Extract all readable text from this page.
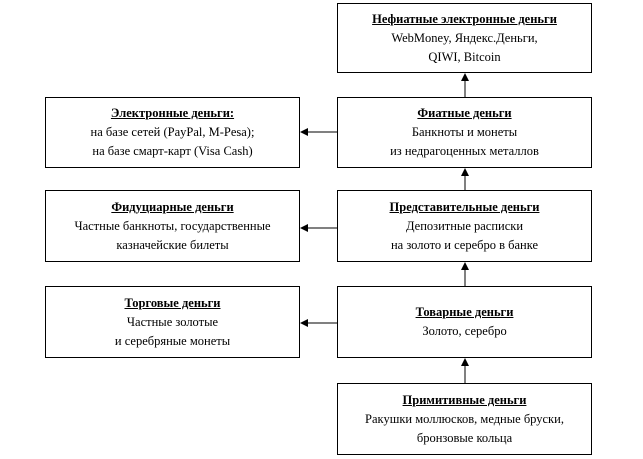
Нефиатные электронные деньги
WebMoney, Яндекс.Деньги,
QIWI, Bitcoin
Фиатные деньги
Банкноты и монеты
из недрагоценных металлов
Электронные деньги:
на базе сетей (PayPal, M-Pesa);
на базе смарт-карт (Visa Cash)
Представительные деньги
Депозитные расписки
на золото и серебро в банке
Фидуциарные деньги
Частные банкноты, государственные
казначейские билеты
Товарные деньги
Золото, серебро
Торговые деньги
Частные золотые
и серебряные монеты
Примитивные деньги
Ракушки моллюсков, медные бруски,
бронзовые кольца
